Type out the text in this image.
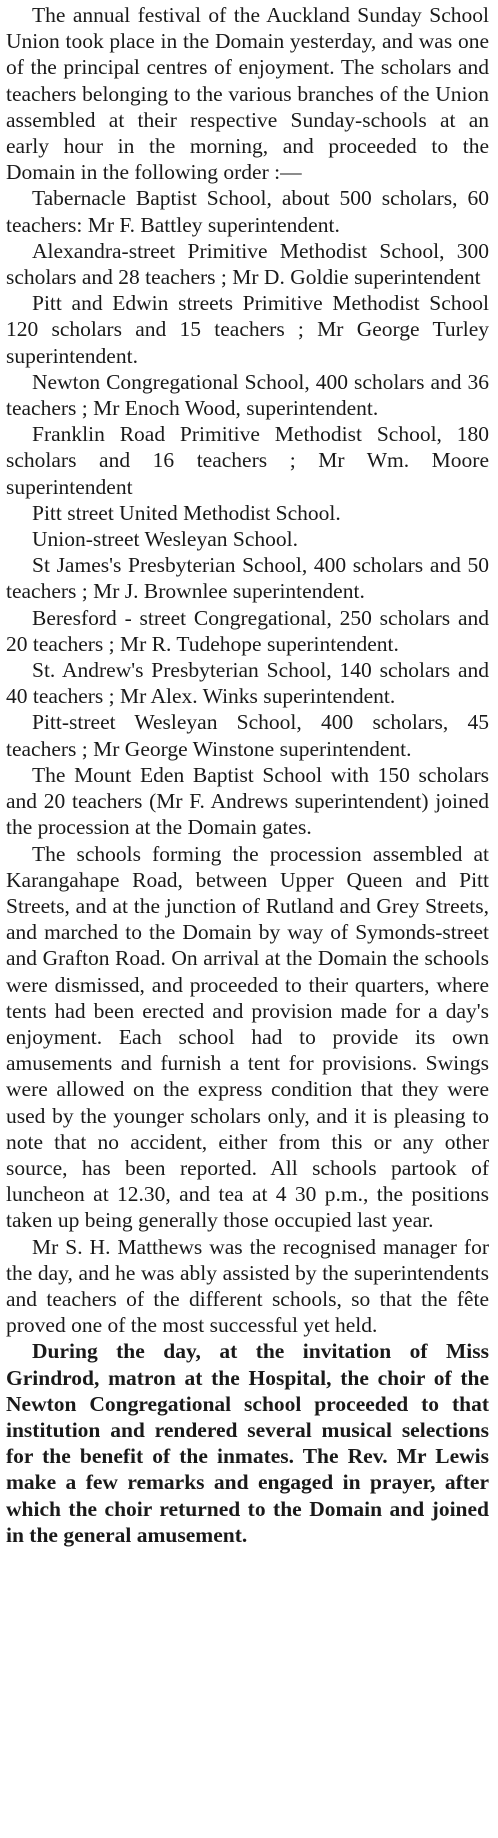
The annual festival of the Auckland Sunday School Union took place in the Domain yesterday, and was one of the principal centres of enjoyment. The scholars and teachers belonging to the various branches of the Union assembled at their respective Sunday-schools at an early hour in the morning, and proceeded to the Domain in the following order :—

Tabernacle Baptist School, about 500 scholars, 60 teachers: Mr F. Battley superintendent.

Alexandra-street Primitive Methodist School, 300 scholars and 28 teachers ; Mr D. Goldie superintendent

Pitt and Edwin streets Primitive Methodist School 120 scholars and 15 teachers ; Mr George Turley superintendent.

Newton Congregational School, 400 scholars and 36 teachers ; Mr Enoch Wood, superintendent.

Franklin Road Primitive Methodist School, 180 scholars and 16 teachers ; Mr Wm. Moore superintendent

Pitt street United Methodist School.

Union-street Wesleyan School.

St James's Presbyterian School, 400 scholars and 50 teachers ; Mr J. Brownlee superintendent.

Beresford - street Congregational, 250 scholars and 20 teachers ; Mr R. Tudehope superintendent.

St. Andrew's Presbyterian School, 140 scholars and 40 teachers ; Mr Alex. Winks superintendent.

Pitt-street Wesleyan School, 400 scholars, 45 teachers ; Mr George Winstone superintendent.

The Mount Eden Baptist School with 150 scholars and 20 teachers (Mr F. Andrews superintendent) joined the procession at the Domain gates.

The schools forming the procession assembled at Karangahape Road, between Upper Queen and Pitt Streets, and at the junction of Rutland and Grey Streets, and marched to the Domain by way of Symonds-street and Grafton Road. On arrival at the Domain the schools were dismissed, and proceeded to their quarters, where tents had been erected and provision made for a day's enjoyment. Each school had to provide its own amusements and furnish a tent for provisions. Swings were allowed on the express condition that they were used by the younger scholars only, and it is pleasing to note that no accident, either from this or any other source, has been reported. All schools partook of luncheon at 12.30, and tea at 4 30 p.m., the positions taken up being generally those occupied last year.

Mr S. H. Matthews was the recognised manager for the day, and he was ably assisted by the superintendents and teachers of the different schools, so that the fête proved one of the most successful yet held.

During the day, at the invitation of Miss Grindrod, matron at the Hospital, the choir of the Newton Congregational school proceeded to that institution and rendered several musical selections for the benefit of the inmates. The Rev. Mr Lewis make a few remarks and engaged in prayer, after which the choir returned to the Domain and joined in the general amusement.
